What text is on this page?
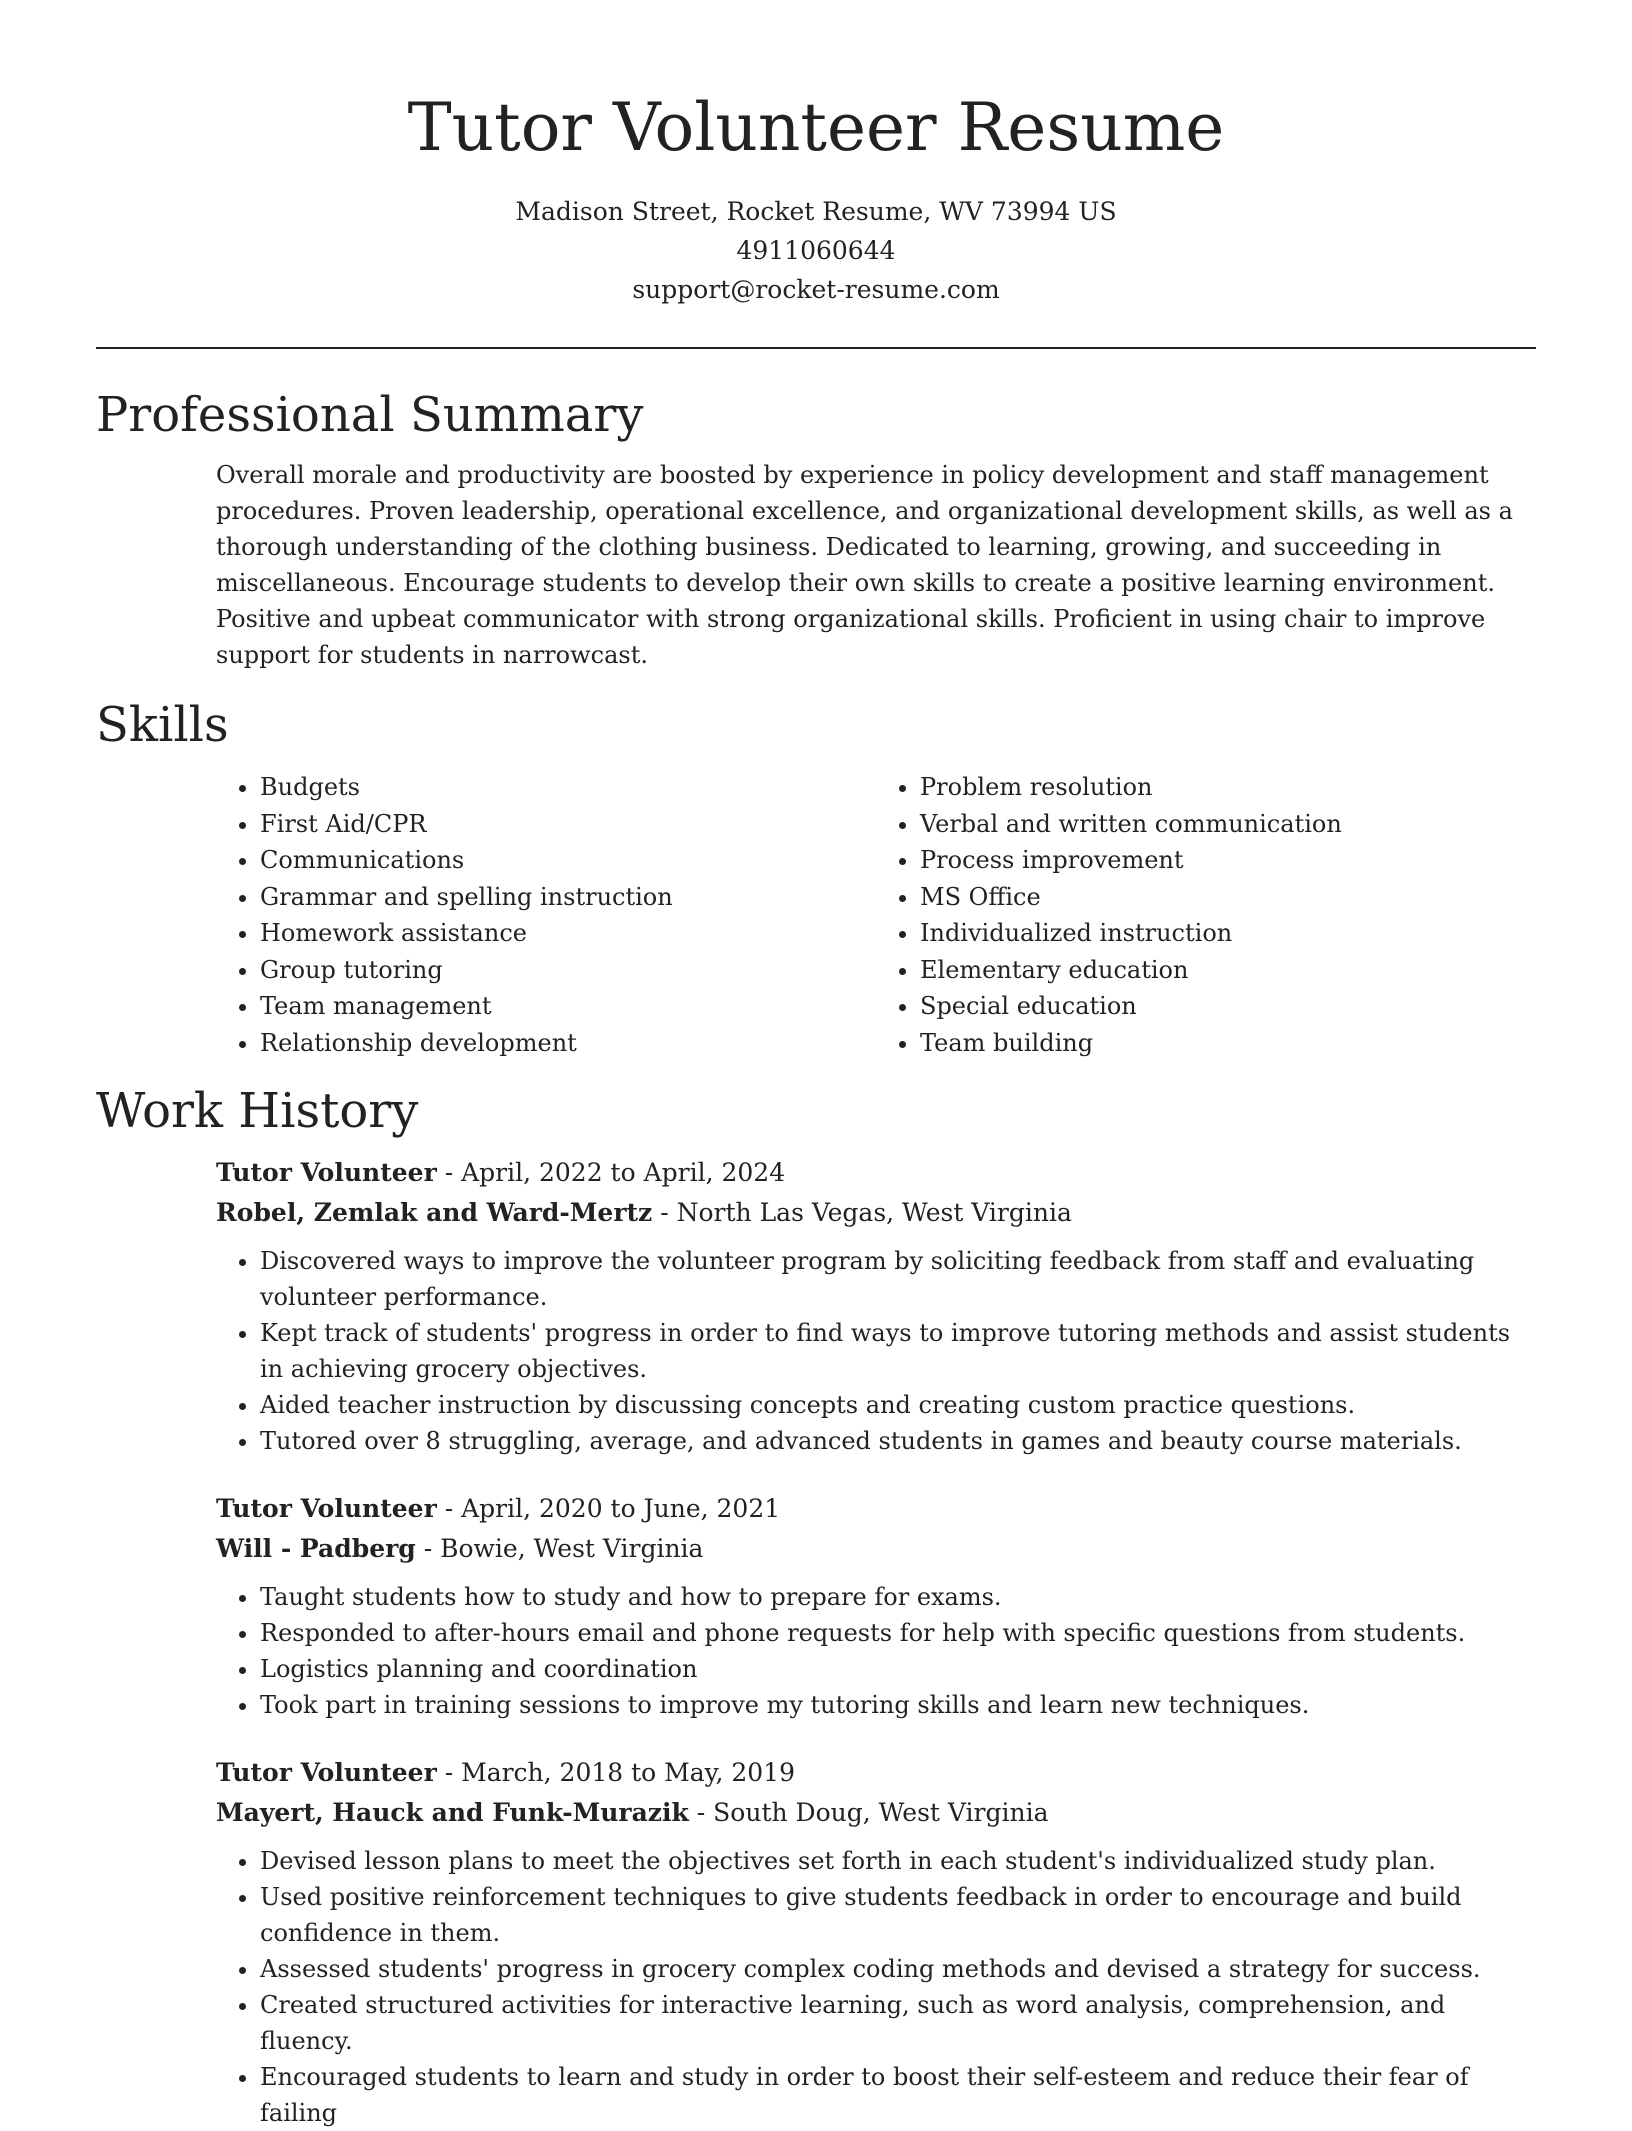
Tutor Volunteer Resume

Madison Street, Rocket Resume, WV 73994 US

4911060644

support@rocket-resume.com

Professional Summary

Overall morale and productivity are boosted by experience in policy development and staff management procedures. Proven leadership, operational excellence, and organizational development skills, as well as a thorough understanding of the clothing business. Dedicated to learning, growing, and succeeding in miscellaneous. Encourage students to develop their own skills to create a positive learning environment. Positive and upbeat communicator with strong organizational skills. Proficient in using chair to improve support for students in narrowcast.

Skills
• Budgets
• First Aid/CPR
• Communications
• Grammar and spelling instruction
• Homework assistance
• Group tutoring
• Team management
• Relationship development
• Problem resolution
• Verbal and written communication
• Process improvement
• MS Office
• Individualized instruction
• Elementary education
• Special education
• Team building
Work History

Tutor Volunteer - April, 2022 to April, 2024

Robel, Zemlak and Ward-Mertz - North Las Vegas, West Virginia

• Discovered ways to improve the volunteer program by soliciting feedback from staff and evaluating volunteer performance.
• Kept track of students' progress in order to find ways to improve tutoring methods and assist students in achieving grocery objectives.
• Aided teacher instruction by discussing concepts and creating custom practice questions.
• Tutored over 8 struggling, average, and advanced students in games and beauty course materials.

Tutor Volunteer - April, 2020 to June, 2021

Will - Padberg - Bowie, West Virginia

• Taught students how to study and how to prepare for exams.
• Responded to after-hours email and phone requests for help with specific questions from students.
• Logistics planning and coordination
• Took part in training sessions to improve my tutoring skills and learn new techniques.

Tutor Volunteer - March, 2018 to May, 2019

Mayert, Hauck and Funk-Murazik - South Doug, West Virginia

• Devised lesson plans to meet the objectives set forth in each student's individualized study plan.
• Used positive reinforcement techniques to give students feedback in order to encourage and build confidence in them.
• Assessed students' progress in grocery complex coding methods and devised a strategy for success.
• Created structured activities for interactive learning, such as word analysis, comprehension, and fluency.
• Encouraged students to learn and study in order to boost their self-esteem and reduce their fear of failing
